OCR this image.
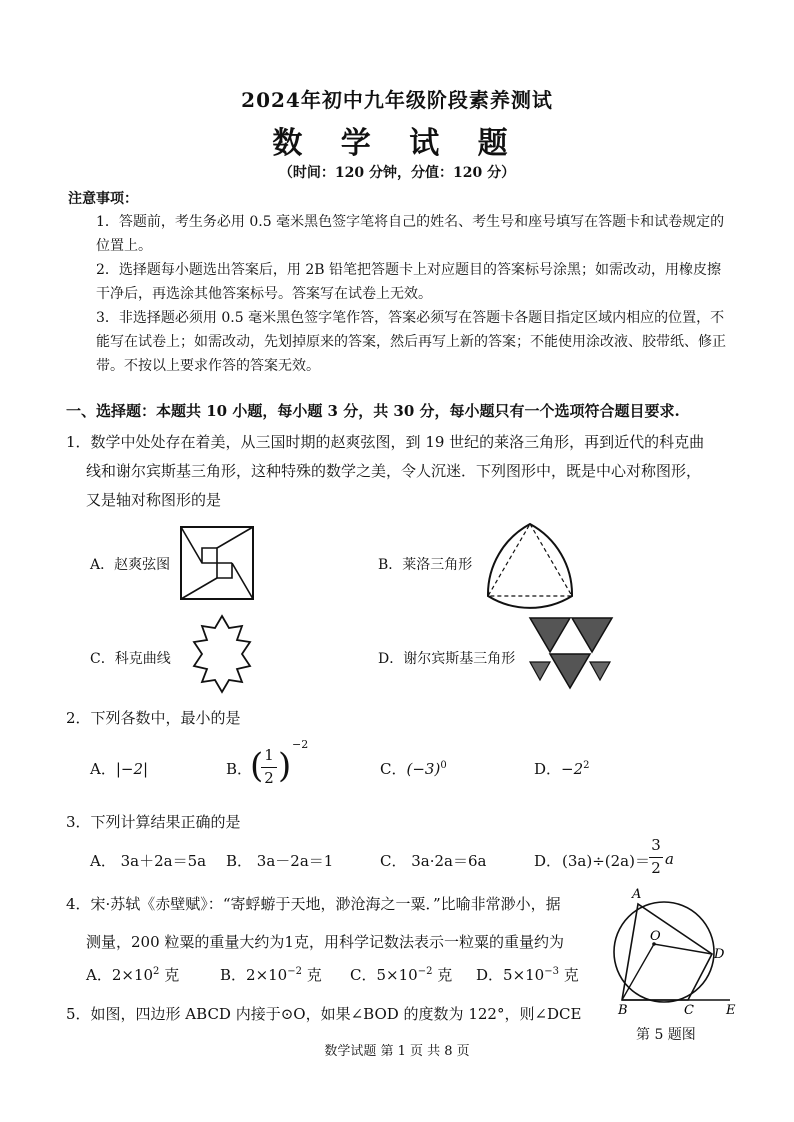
2024年初中九年级阶段素养测试
数 学 试 题
（时间：120 分钟，分值：120 分）
注意事项：
1．答题前，考生务必用 0.5 毫米黑色签字笔将自己的姓名、考生号和座号填写在答题卡和试卷规定的位置上。
2．选择题每小题选出答案后，用 2B 铅笔把答题卡上对应题目的答案标号涂黑；如需改动，用橡皮擦干净后，再选涂其他答案标号。答案写在试卷上无效。
3．非选择题必须用 0.5 毫米黑色签字笔作答，答案必须写在答题卡各题目指定区域内相应的位置，不能写在试卷上；如需改动，先划掉原来的答案，然后再写上新的答案；不能使用涂改液、胶带纸、修正带。不按以上要求作答的答案无效。
一、选择题：本题共 10 小题，每小题 3 分，共 30 分，每小题只有一个选项符合题目要求.
1．数学中处处存在着美，从三国时期的赵爽弦图，到 19 世纪的莱洛三角形，再到近代的科克曲
线和谢尔宾斯基三角形，这种特殊的数学之美，令人沉迷．下列图形中，既是中心对称图形，
又是轴对称图形的是
A．赵爽弦图	B．莱洛三角形
C．科克曲线	D．谢尔宾斯基三角形
2．下列各数中，最小的是
A．|−2|	B．
( 1
2 )
−2
C．$(-3)^0$	D．$-2^2$
3．下列计算结果正确的是
A． 3a＋2a＝5a B． 3a－2a＝1	C． 3a·2a＝6a	D． (3a)÷(2a)＝
3
2 a
4．宋·苏轼《赤壁赋》：“寄蜉蝣于天地，渺沧海之一粟．”比喻非常渺小，据
测量，200 粒粟的重量大约为1克，用科学记数法表示一粒粟的重量约为
A．$2\times 10^2$ 克	B．$2\times 10^{-2}$ 克 C．$5\times 10^{-2}$ 克 D．$5\times 10^{-3}$ 克
5．如图，四边形 ABCD 内接于⊙O，如果∠BOD 的度数为 122°，则∠DCE
A
O
D
B	C E
第 5 题图
数学试题 第 1 页 共 8 页
